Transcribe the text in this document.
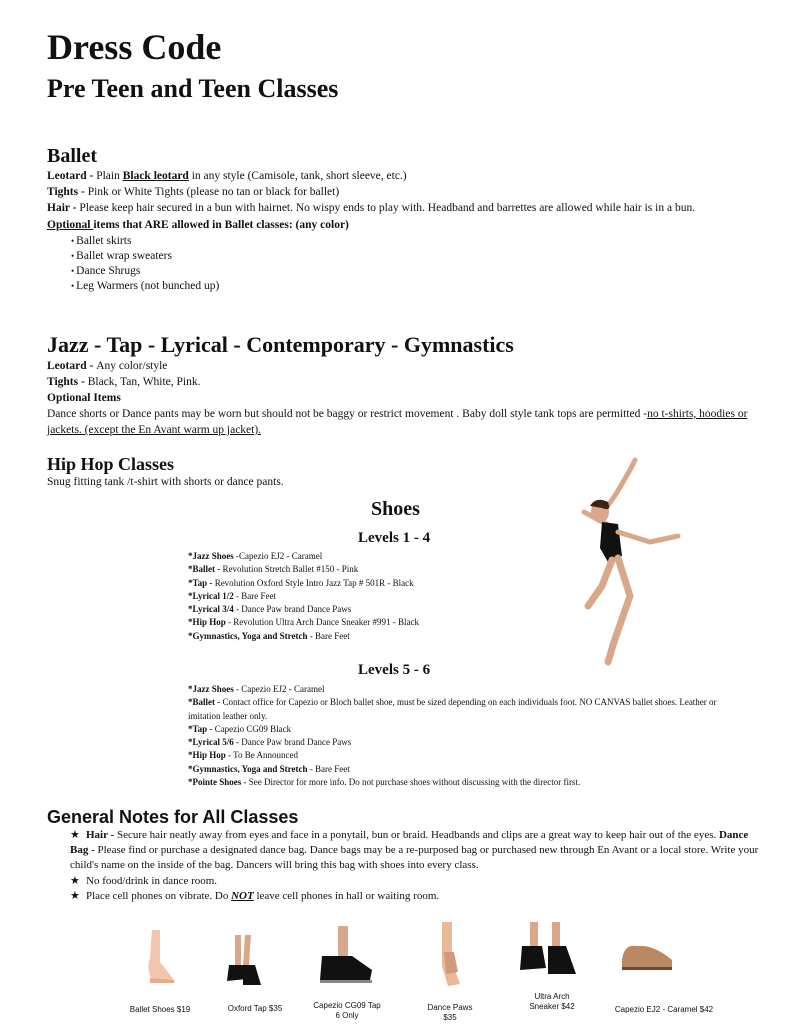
Dress Code
Pre Teen and Teen Classes
Ballet

Leotard - Plain Black leotard in any style (Camisole, tank, short sleeve, etc.)

Tights - Pink or White Tights (please no tan or black for ballet)

Hair - Please keep hair secured in a bun with hairnet. No wispy ends to play with. Headband and barrettes are allowed while hair is in a bun.

Optional items that ARE allowed in Ballet classes: (any color)

• Ballet skirts
• Ballet wrap sweaters
• Dance Shrugs
• Leg Warmers (not bunched up)
Jazz - Tap - Lyrical - Contemporary - Gymnastics

Leotard - Any color/style

Tights - Black, Tan, White, Pink.

Optional Items

Dance shorts or Dance pants may be worn but should not be baggy or restrict movement . Baby doll style tank tops are permitted -no t-shirts, hoodies or jackets. (except the En Avant warm up jacket).

Hip Hop Classes

Snug fitting tank /t-shirt with shorts or dance pants.

Shoes
Levels 1 - 4
*Jazz Shoes -Capezio EJ2 - Caramel
*Ballet - Revolution Stretch Ballet #150 - Pink
*Tap - Revolution Oxford Style Intro Jazz Tap # 501R - Black
*Lyrical 1/2 - Bare Feet
*Lyrical 3/4 - Dance Paw brand Dance Paws
*Hip Hop - Revolution Ultra Arch Dance Sneaker #991 - Black
*Gymnastics, Yoga and Stretch - Bare Feet
Levels 5 - 6
*Jazz Shoes - Capezio EJ2 - Caramel
*Ballet - Contact office for Capezio or Bloch ballet shoe, must be sized depending on each individuals foot. NO CANVAS ballet shoes. Leather or imitation leather only.
*Tap - Capezio CG09 Black
*Lyrical 5/6 - Dance Paw brand Dance Paws
*Hip Hop - To Be Announced
*Gymnastics, Yoga and Stretch - Bare Feet
*Pointe Shoes - See Director for more info. Do not purchase shoes without discussing with the director first.
General Notes for All Classes
★ Hair - Secure hair neatly away from eyes and face in a ponytail, bun or braid. Headbands and clips are a great way to keep hair out of the eyes. Dance Bag - Please find or purchase a designated dance bag. Dance bags may be a re-purposed bag or purchased new through En Avant or a local store. Write your child's name on the inside of the bag. Dancers will bring this bag with shoes into every class.
★ No food/drink in dance room.
★ Place cell phones on vibrate. Do NOT leave cell phones in hall or waiting room.
Ballet Shoes $19	Oxford Tap $35	Capezio CG09 Tap 6 Only
Dance Paws $35
Ultra Arch Sneaker $42	Capezio EJ2 - Caramel $42
